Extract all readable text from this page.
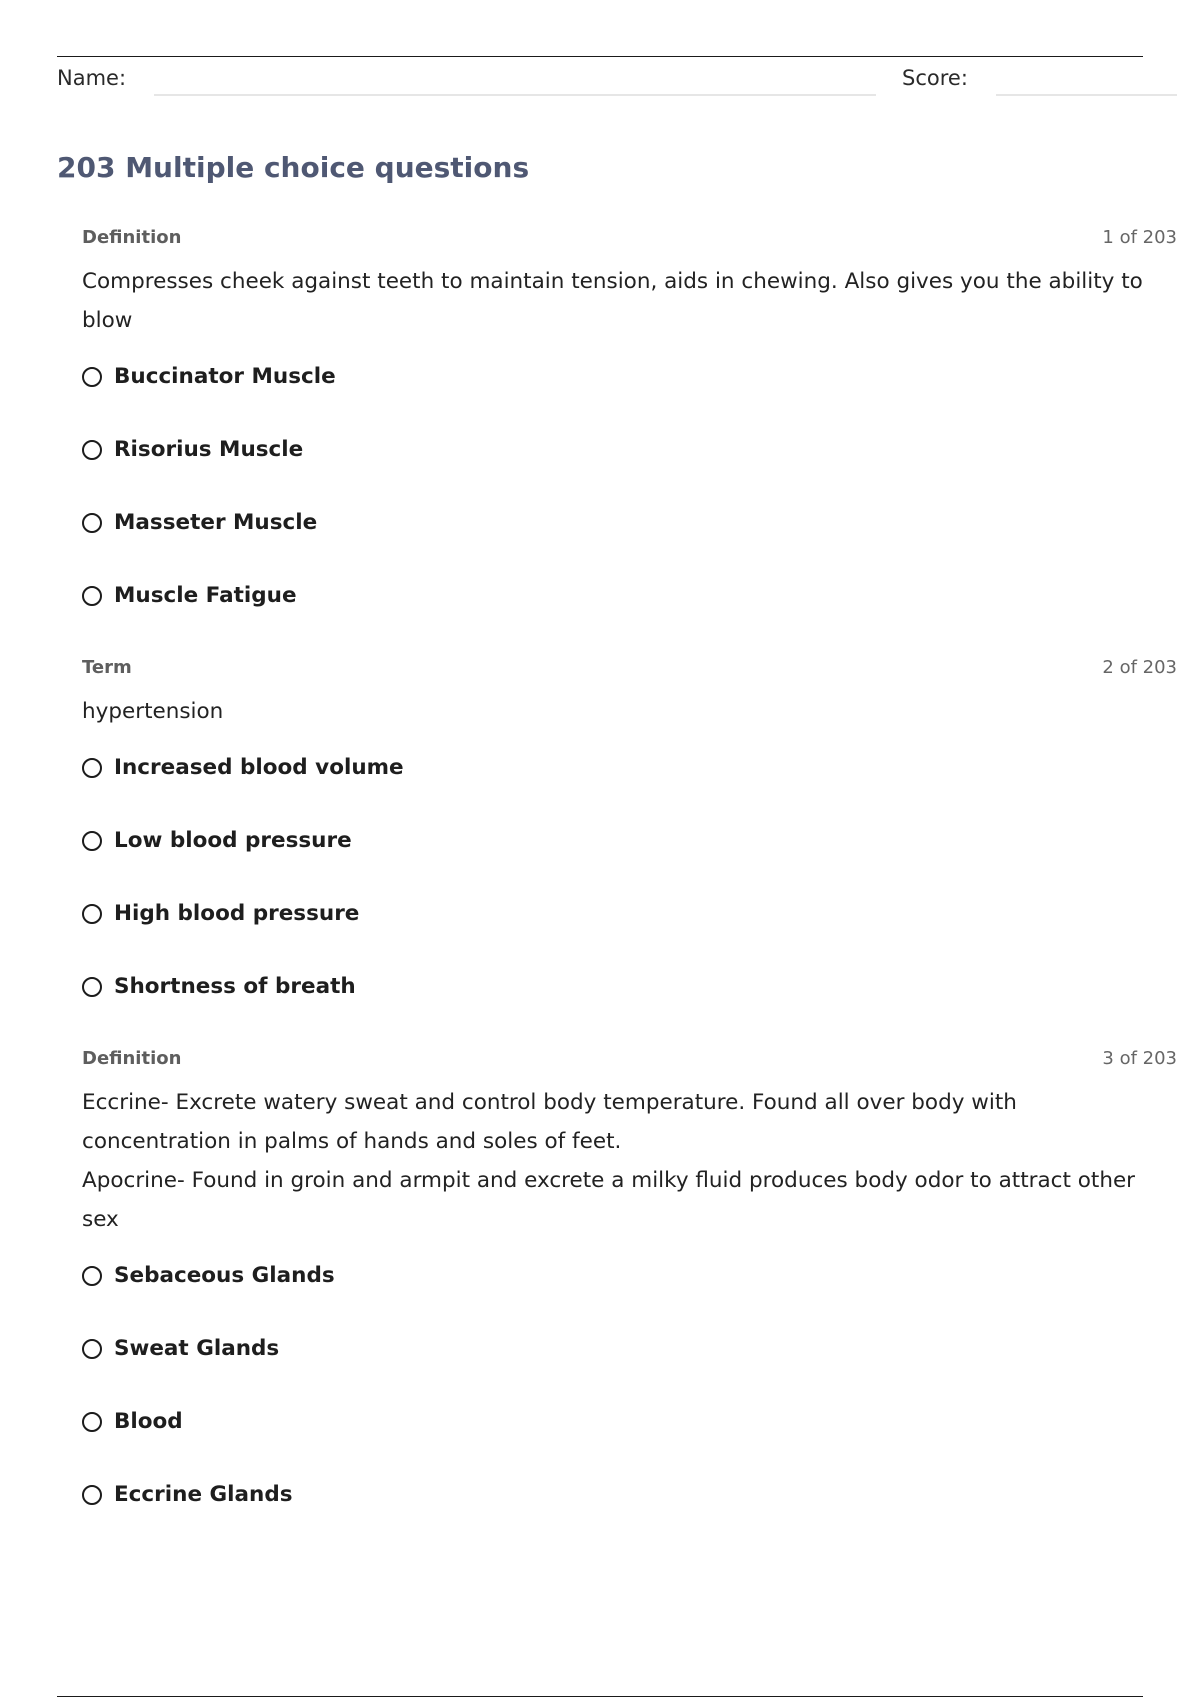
Name:	Score:
203 Multiple choice questions
Definition	1 of 203

Compresses cheek against teeth to maintain tension, aids in chewing. Also gives you the ability to blow

Buccinator Muscle
Risorius Muscle
Masseter Muscle
Muscle Fatigue
Term	2 of 203

hypertension

Increased blood volume
Low blood pressure
High blood pressure
Shortness of breath
Definition	3 of 203

Eccrine- Excrete watery sweat and control body temperature. Found all over body with concentration in palms of hands and soles of feet.

Apocrine- Found in groin and armpit and excrete a milky fluid produces body odor to attract other sex

Sebaceous Glands
Sweat Glands
Blood
Eccrine Glands
